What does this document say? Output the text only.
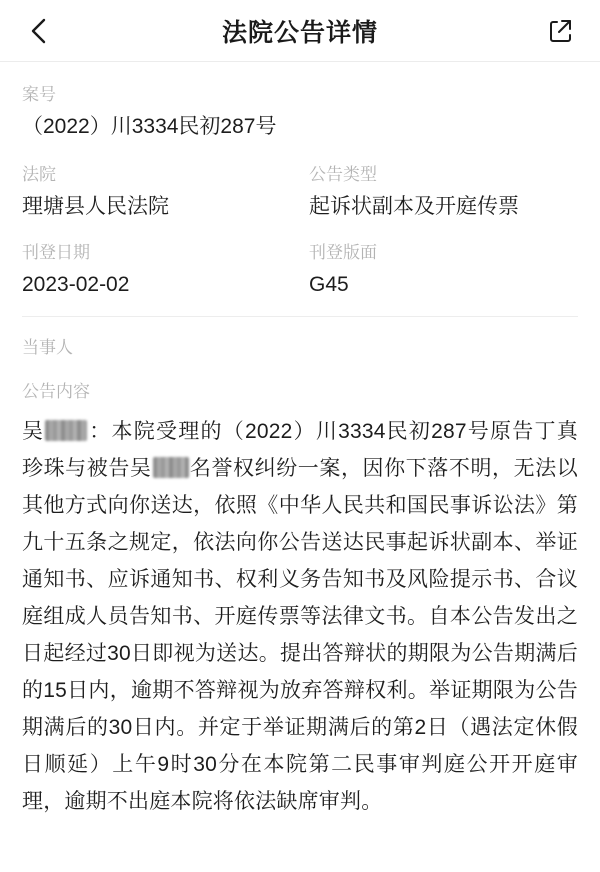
法院公告详情
案号
（2022）川3334民初287号
法院
理塘县人民法院
公告类型
起诉状副本及开庭传票
刊登日期
2023-02-02
刊登版面
G45
当事人
公告内容
吴 ：本院受理的（2022）川3334民初287号原告丁真珍珠与被告吴 名誉权纠纷一案，因你下落不明，无法以其他方式向你送达，依照《中华人民共和国民事诉讼法》第九十五条之规定，依法向你公告送达民事起诉状副本、举证通知书、应诉通知书、权利义务告知书及风险提示书、合议庭组成人员告知书、开庭传票等法律文书。自本公告发出之日起经过30日即视为送达。提出答辩状的期限为公告期满后的15日内，逾期不答辩视为放弃答辩权利。举证期限为公告期满后的30日内。并定于举证期满后的第2日（遇法定休假日顺延）上午9时30分在本院第二民事审判庭公开开庭审理，逾期不出庭本院将依法缺席审判。
